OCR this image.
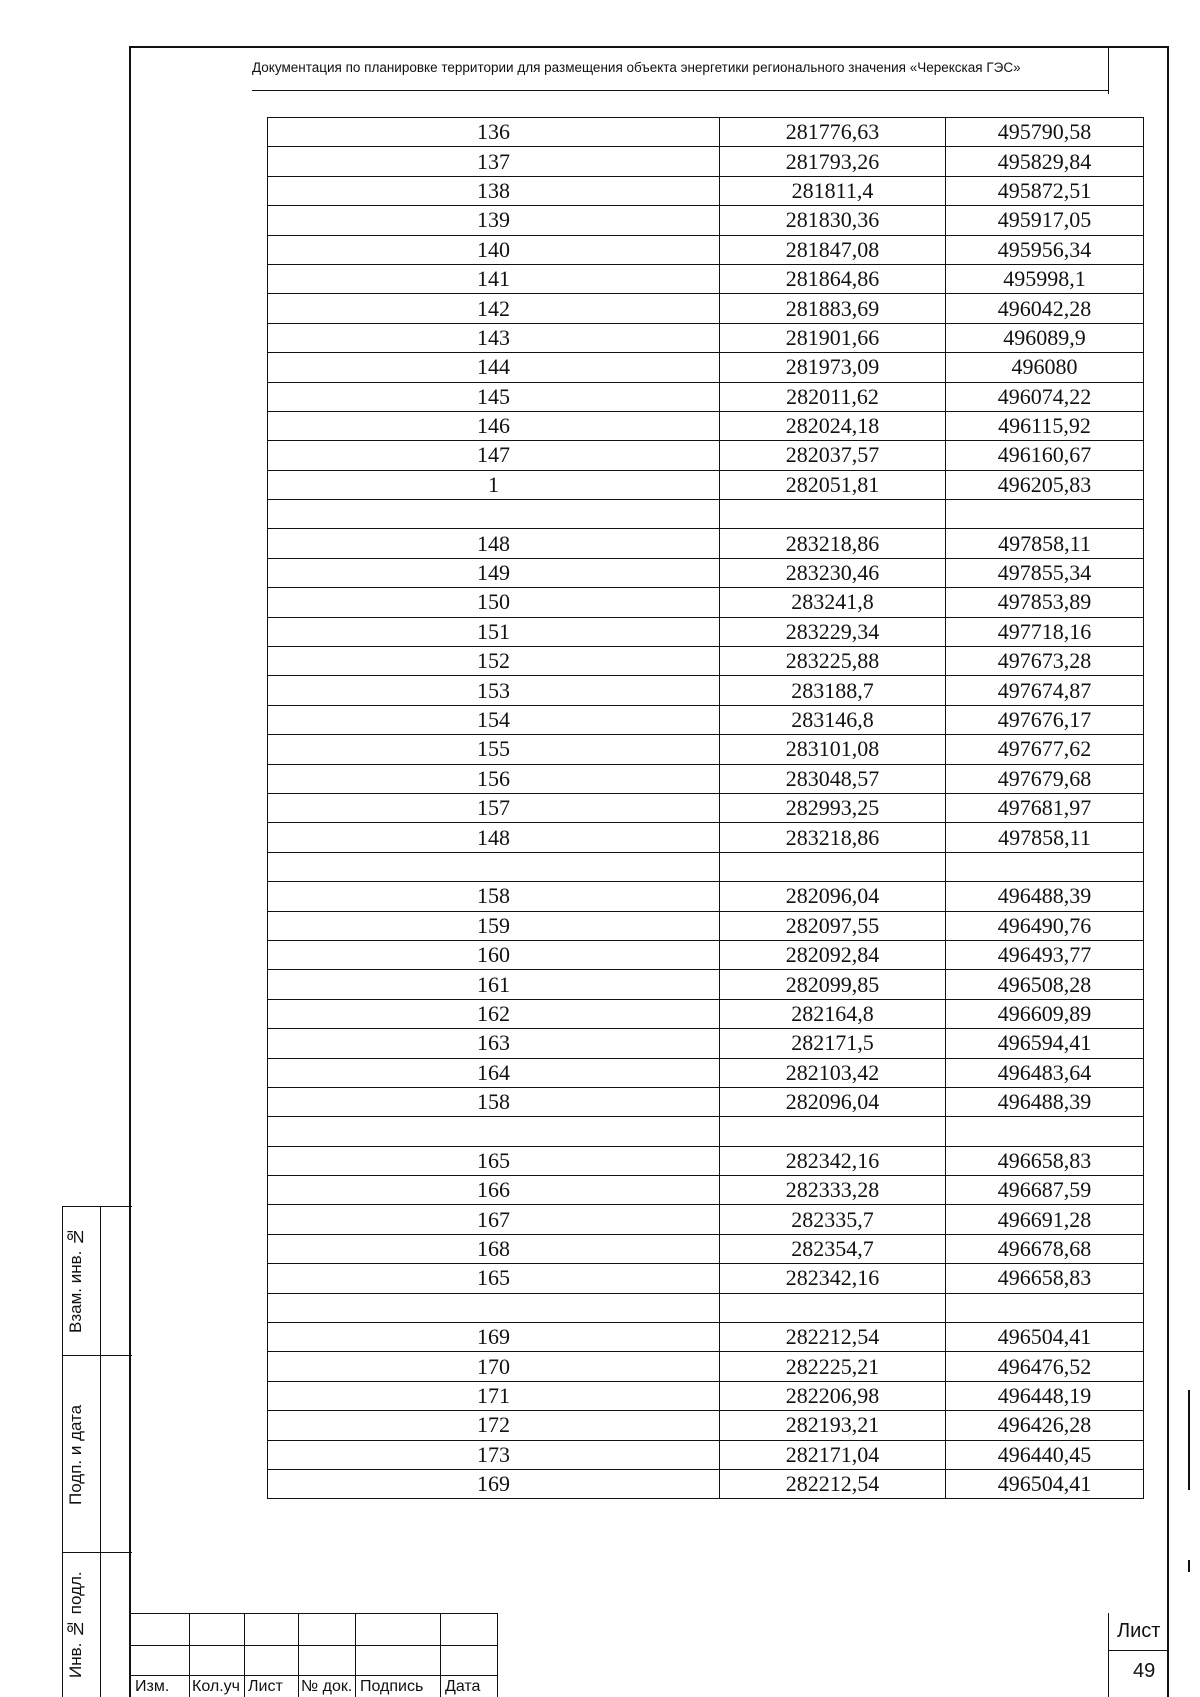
Документация по планировке территории для размещения объекта энергетики регионального значения «Черекская ГЭС»
136	281776,63	495790,58
137	281793,26	495829,84
138	281811,4	495872,51
139	281830,36	495917,05
140	281847,08	495956,34
141	281864,86	495998,1
142	281883,69	496042,28
143	281901,66	496089,9
144	281973,09	496080
145	282011,62	496074,22
146	282024,18	496115,92
147	282037,57	496160,67
1	282051,81	496205,83

148	283218,86	497858,11
149	283230,46	497855,34
150	283241,8	497853,89
151	283229,34	497718,16
152	283225,88	497673,28
153	283188,7	497674,87
154	283146,8	497676,17
155	283101,08	497677,62
156	283048,57	497679,68
157	282993,25	497681,97
148	283218,86	497858,11

158	282096,04	496488,39
159	282097,55	496490,76
160	282092,84	496493,77
161	282099,85	496508,28
162	282164,8	496609,89
163	282171,5	496594,41
164	282103,42	496483,64
158	282096,04	496488,39

165	282342,16	496658,83
166	282333,28	496687,59
167	282335,7	496691,28
168	282354,7	496678,68
165	282342,16	496658,83

169	282212,54	496504,41
170	282225,21	496476,52
171	282206,98	496448,19
172	282193,21	496426,28
173	282171,04	496440,45
169	282212,54	496504,41
Взам. инв. №
Подп. и дата
Инв. № подл.
Изм. Кол.уч Лист № док. Подпись Дата
Лист
49
